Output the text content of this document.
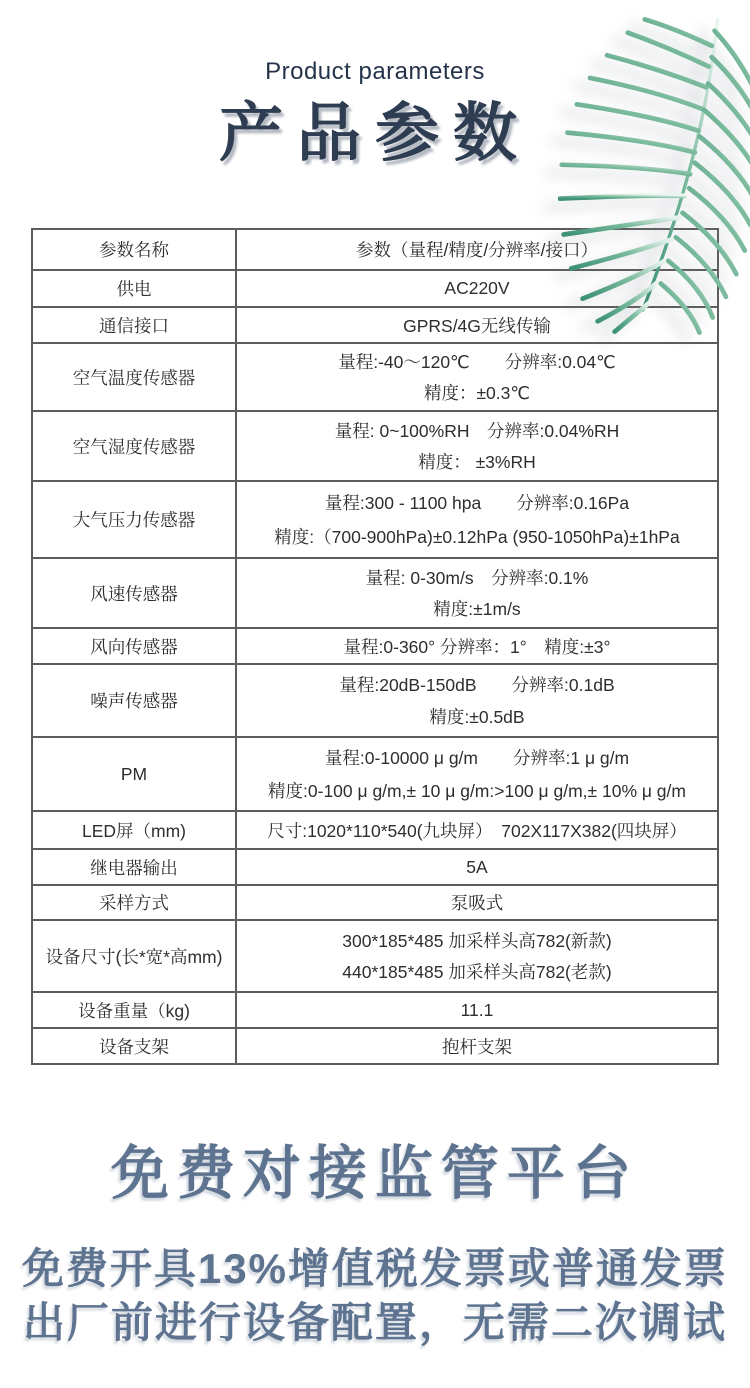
Product parameters
产品参数
参数名称	参数（量程/精度/分辨率/接口）
供电	AC220V
通信接口	GPRS/4G无线传输
空气温度传感器	量程:-40～120℃　　分辨率:0.04℃
精度：±0.3℃

空气湿度传感器	量程: 0~100%RH　分辨率:0.04%RH
精度： ±3%RH

大气压力传感器	量程:300 - 1100 hpa　　分辨率:0.16Pa
精度:（700-900hPa)±0.12hPa (950-1050hPa)±1hPa

风速传感器	量程: 0-30m/s　分辨率:0.1%
精度:±1m/s

风向传感器	量程:0-360° 分辨率：1°　精度:±3°
噪声传感器	量程:20dB-150dB　　分辨率:0.1dB
精度:±0.5dB

PM	量程:0-10000 μ g/m　　分辨率:1 μ g/m
精度:0-100 μ g/m,± 10 μ g/m:>100 μ g/m,± 10% μ g/m

LED屏（mm)	尺寸:1020*110*540(九块屏）　702X117X382(四块屏）
继电器输出	5A
采样方式	泵吸式
设备尺寸(长*宽*高mm)	300*185*485 加采样头高782(新款)
440*185*485 加采样头高782(老款)

设备重量（kg)	11.1
设备支架	抱杆支架
免费对接监管平台
免费开具13%增值税发票或普通发票
出厂前进行设备配置，无需二次调试
